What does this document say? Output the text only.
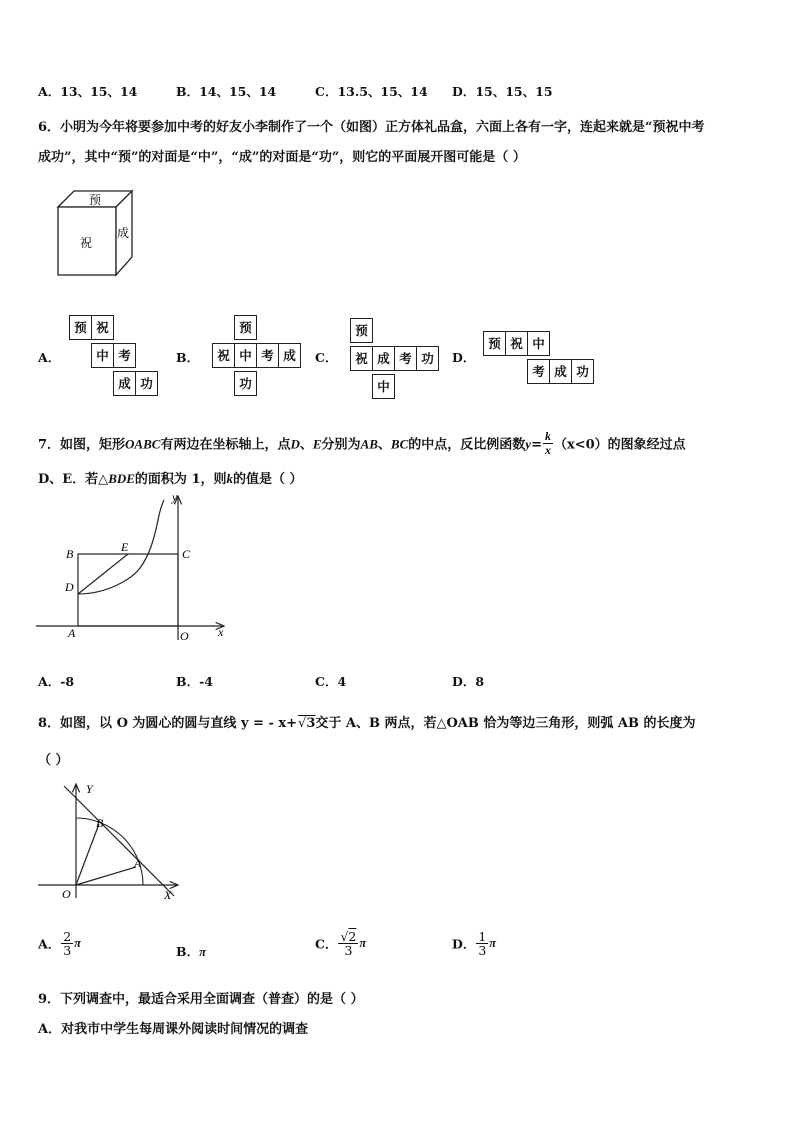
A．13、15、14	B．14、15、14	C．13.5、15、14 D．15、15、15
6．小明为今年将要参加中考的好友小李制作了一个（如图）正方体礼品盒，六面上各有一字，连起来就是“预祝中考
成功”，其中“预”的对面是“中”，“成”的对面是“功”，则它的平面展开图可能是（ ）
预
祝
成
A．	B．	C．	D．
预 祝
中 考
成 功
预
祝 中 考 成
功
预
祝 成 考 功
中
预 祝 中
考 成 功
7．如图，矩形OABC有两边在坐标轴上，点D、E分别为AB、BC的中点，反比例函数$y= \frac{k}{x} (x<0)$的图象经过点
D、E．若△BDE的面积为 1，则k的值是（ ）
y
x
B	E	C
D
A	O
A．-8	B．-4	C．4	D．8
8．如图，以 O 为圆心的圆与直线 y = - x+√3交于 A、B 两点，若△OAB 恰为等边三角形，则弧 AB 的长度为
（ ）
Y
X
B
A
O
A． $\frac{2}{3}$ π
B．π
C． $\frac{√2}{3}$ π	D． $\frac{1}{3}$ π
9．下列调查中，最适合采用全面调查（普查）的是（ ）
A．对我市中学生每周课外阅读时间情况的调查
